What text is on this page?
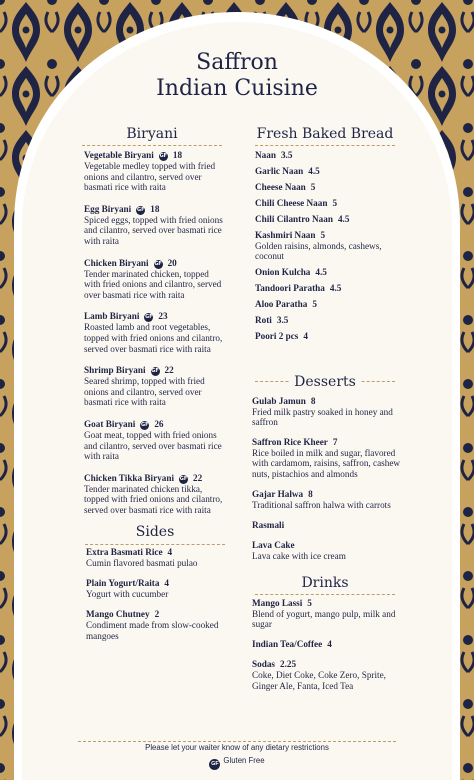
Saffron
Indian Cuisine
Biryani
Vegetable Biryani GF 18
Vegetable medley topped with fried
onions and cilantro, served over
basmati rice with raita
Egg Biryani GF 18
Spiced eggs, topped with fried onions
and cilantro, served over basmati rice
with raita
Chicken Biryani GF 20
Tender marinated chicken, topped
with fried onions and cilantro, served
over basmati rice with raita
Lamb Biryani GF 23
Roasted lamb and root vegetables,
topped with fried onions and cilantro,
served over basmati rice with raita
Shrimp Biryani GF 22
Seared shrimp, topped with fried
onions and cilantro, served over
basmati rice with raita
Goat Biryani GF 26
Goat meat, topped with fried onions
and cilantro, served over basmati rice
with raita
Chicken Tikka Biryani GF 22
Tender marinated chicken tikka,
topped with fried onions and cilantro,
served over basmati rice with raita
Fresh Baked Bread
Naan 3.5
Garlic Naan 4.5
Cheese Naan 5
Chili Cheese Naan 5
Chili Cilantro Naan 4.5
Kashmiri Naan 5
Golden raisins, almonds, cashews,
coconut
Onion Kulcha 4.5
Tandoori Paratha 4.5
Aloo Paratha 5
Roti 3.5
Poori 2 pcs 4
Desserts
Gulab Jamun 8
Fried milk pastry soaked in honey and
saffron
Saffron Rice Kheer 7
Rice boiled in milk and sugar, flavored
with cardamom, raisins, saffron, cashew
nuts, pistachios and almonds
Gajar Halwa 8
Traditional saffron halwa with carrots
Rasmali
Lava Cake
Lava cake with ice cream
Sides
Extra Basmati Rice 4
Cumin flavored basmati pulao
Plain Yogurt/Raita 4
Yogurt with cucumber
Mango Chutney 2
Condiment made from slow-cooked
mangoes
Drinks
Mango Lassi 5
Blend of yogurt, mango pulp, milk and
sugar
Indian Tea/Coffee 4
Sodas 2.25
Coke, Diet Coke, Coke Zero, Sprite,
Ginger Ale, Fanta, Iced Tea
Please let your waiter know of any dietary restrictions
GF Gluten Free
